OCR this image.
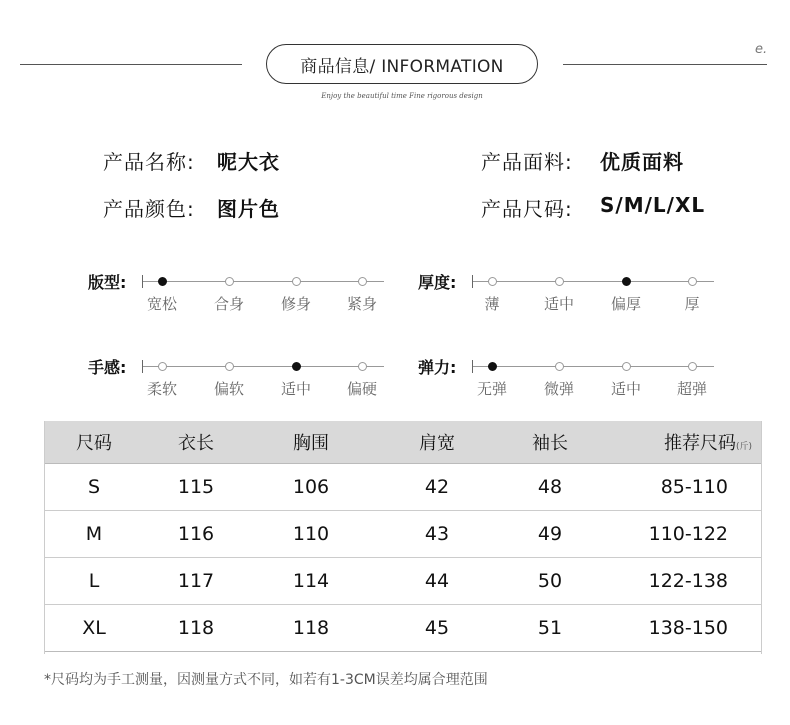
商品信息/ INFORMATION
e.
Enjoy the beautiful time Fine rigorous design
产品名称: 呢大衣	产品面料: 优质面料
产品颜色: 图片色	产品尺码: S/M/L/XL
版型:
宽松 合身 修身 紧身
厚度:
薄	适中 偏厚	厚
手感:
柔软 偏软 适中 偏硬
弹力:
无弹 微弹 适中 超弹
尺码	衣长	胸围	肩宽	袖长	推荐尺码(斤)
S	115	106	42	48	85-110
M	116	110	43	49	110-122
L	117	114	44	50	122-138
XL	118	118	45	51	138-150
*尺码均为手工测量，因测量方式不同，如若有1-3CM误差均属合理范围
